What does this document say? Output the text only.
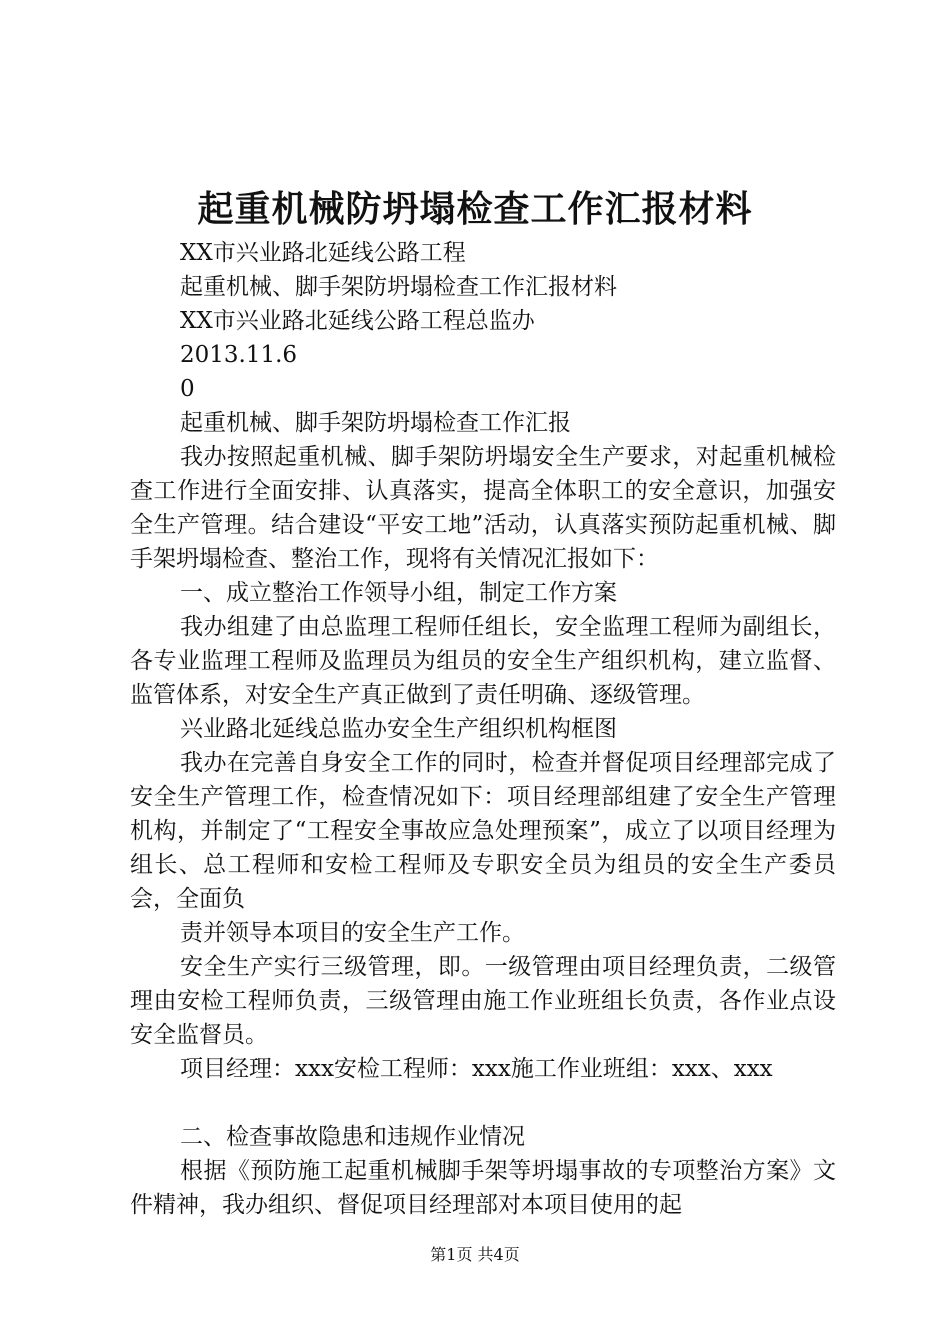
起重机械防坍塌检查工作汇报材料

XX市兴业路北延线公路工程

起重机械、脚手架防坍塌检查工作汇报材料

XX市兴业路北延线公路工程总监办

2013.11.6

0

起重机械、脚手架防坍塌检查工作汇报

我办按照起重机械、脚手架防坍塌安全生产要求，对起重机械检查工作进行全面安排、认真落实，提高全体职工的安全意识，加强安全生产管理。结合建设“平安工地”活动，认真落实预防起重机械、脚手架坍塌检查、整治工作，现将有关情况汇报如下：

一、成立整治工作领导小组，制定工作方案

我办组建了由总监理工程师任组长，安全监理工程师为副组长，各专业监理工程师及监理员为组员的安全生产组织机构，建立监督、监管体系，对安全生产真正做到了责任明确、逐级管理。

兴业路北延线总监办安全生产组织机构框图

我办在完善自身安全工作的同时，检查并督促项目经理部完成了安全生产管理工作，检查情况如下：项目经理部组建了安全生产管理机构，并制定了“工程安全事故应急处理预案”，成立了以项目经理为组长、总工程师和安检工程师及专职安全员为组员的安全生产委员会，全面负

责并领导本项目的安全生产工作。

安全生产实行三级管理，即。一级管理由项目经理负责，二级管理由安检工程师负责，三级管理由施工作业班组长负责，各作业点设安全监督员。

项目经理：xxx安检工程师：xxx施工作业班组：xxx、xxx

二、检查事故隐患和违规作业情况

根据《预防施工起重机械脚手架等坍塌事故的专项整治方案》文件精神，我办组织、督促项目经理部对本项目使用的起

第1页 共4页
